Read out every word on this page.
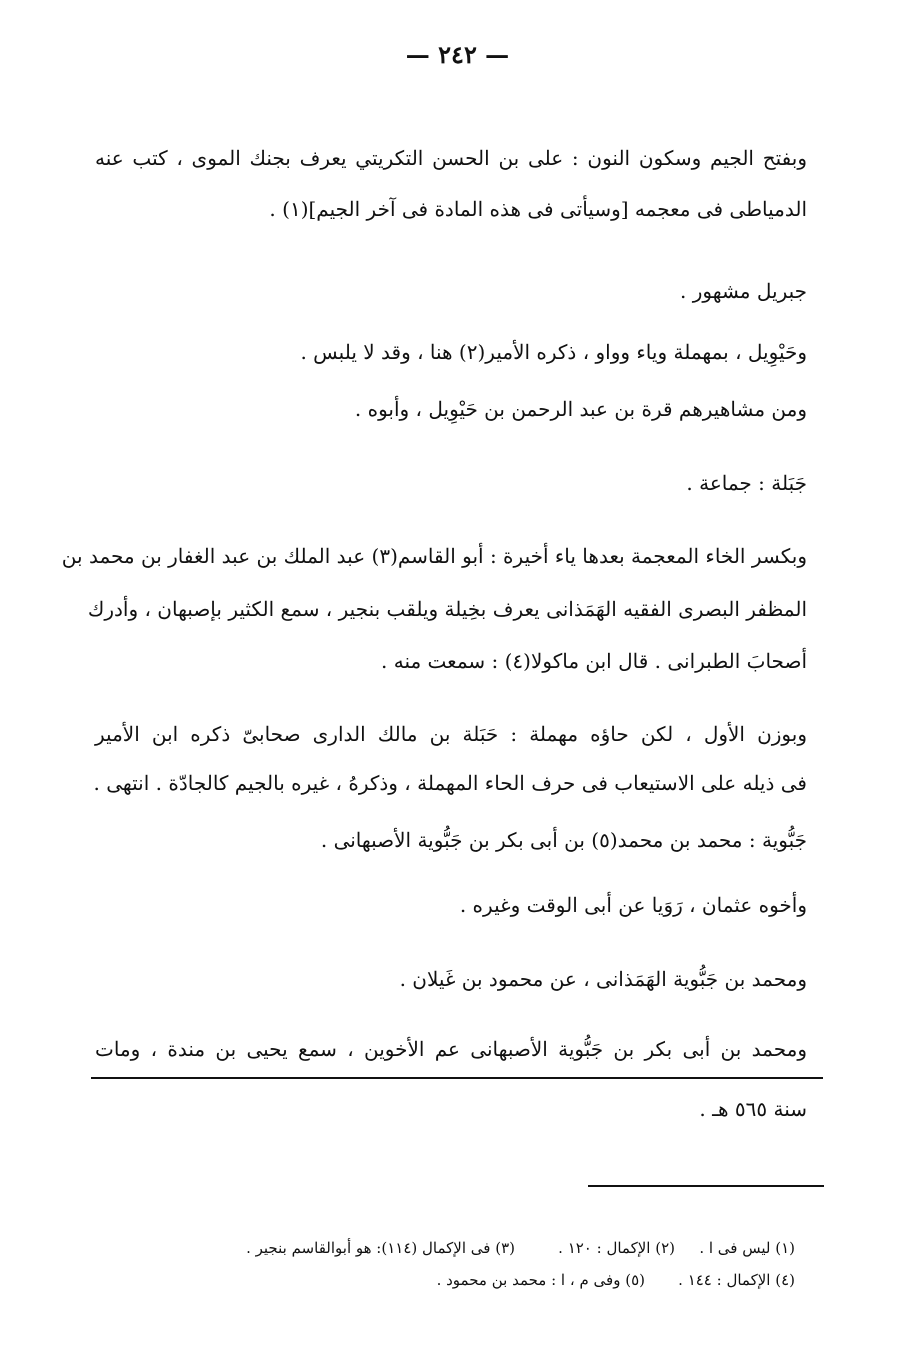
— ٢٤٢ —
وبفتح الجيم وسكون النون : على بن الحسن التكريتي يعرف بجنك الموى ، كتب عنه
الدمياطى فى معجمه [وسيأتى فى هذه المادة فى آخر الجيم](١) .
جبريل مشهور .
وحَيْوِيل ، بمهملة وياء وواو ، ذكره الأمير(٢) هنا ، وقد لا يلبس .
ومن مشاهيرهم قرة بن عبد الرحمن بن حَيْوِيل ، وأبوه .
جَبَلة : جماعة .
وبكسر الخاء المعجمة بعدها ياء أخيرة : أبو القاسم(٣) عبد الملك بن عبد الغفار بن محمد بن
المظفر البصرى الفقيه الهَمَذانى يعرف بخِيلة ويلقب بنجير ، سمع الكثير بإصبهان ، وأدرك
أصحابَ الطبرانى . قال ابن ماكولا(٤) : سمعت منه .
وبوزن الأول ، لكن حاؤه مهملة : حَبَلة بن مالك الدارى صحابىّ ذكره ابن الأمير
فى ذيله على الاستيعاب فى حرف الحاء المهملة ، وذكرهُ ، غيره بالجيم كالجادّة . انتهى .
جَبُّوية : محمد بن محمد(٥) بن أبى بكر بن جَبُّوية الأصبهانى .
وأخوه عثمان ، رَوَيا عن أبى الوقت وغيره .
ومحمد بن جَبُّوية الهَمَذانى ، عن محمود بن غَيلان .
ومحمد بن أبى بكر بن جَبُّوية الأصبهانى عم الأخوين ، سمع يحيى بن مندة ، ومات
سنة ٥٦٥ هـ .
(١) ليس فى ا .(٢) الإكمال : ١٢٠ .(٣) فى الإكمال (١١٤): هو أبوالقاسم بنجير .
(٤) الإكمال : ١٤٤ .(٥) وفى م ، ا : محمد بن محمود .
